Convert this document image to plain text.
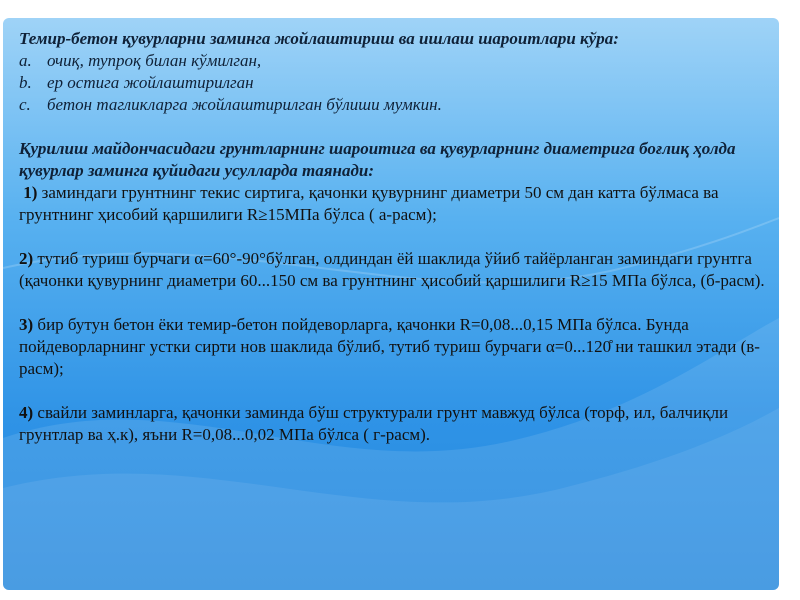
Темир-бетон қувурларни заминга жойлаштириш ва ишлаш шароитлари кўра:

a. очиқ, тупроқ билан кўмилган,
b. ер остига жойлаштирилган
c. бетон тагликларга жойлаштирилган бўлиши мумкин.

Қурилиш майдончасидаги грунтларнинг шароитига ва қувурларнинг диаметрига боғлиқ ҳолда қувурлар заминга қуйидаги усулларда таянади:

1) заминдаги грунтнинг текис сиртига, қачонки қувурнинг диаметри 50 см дан катта бўлмаса ва грунтнинг ҳисобий қаршилиги R≥15МПа бўлса ( а-расм);

2) тутиб туриш бурчаги α=60°-90°бўлган, олдиндан ёй шаклида ўйиб тайёрланган заминдаги грунтга (қачонки қувурнинг диаметри 60...150 см ва грунтнинг ҳисобий қаршилиги R≥15 МПа бўлса, (б-расм).

3) бир бутун бетон ёки темир-бетон пойдеворларга, қачонки R=0,08...0,15 МПа бўлса. Бунда пойдеворларнинг устки сирти нов шаклида бўлиб, тутиб туриш бурчаги α=0...120̊ ни ташкил этади (в-расм);

4) свайли заминларга, қачонки заминда бўш структурали грунт мавжуд бўлса (торф, ил, балчиқли грунтлар ва ҳ.к), яъни R=0,08...0,02 МПа бўлса ( г-расм).
